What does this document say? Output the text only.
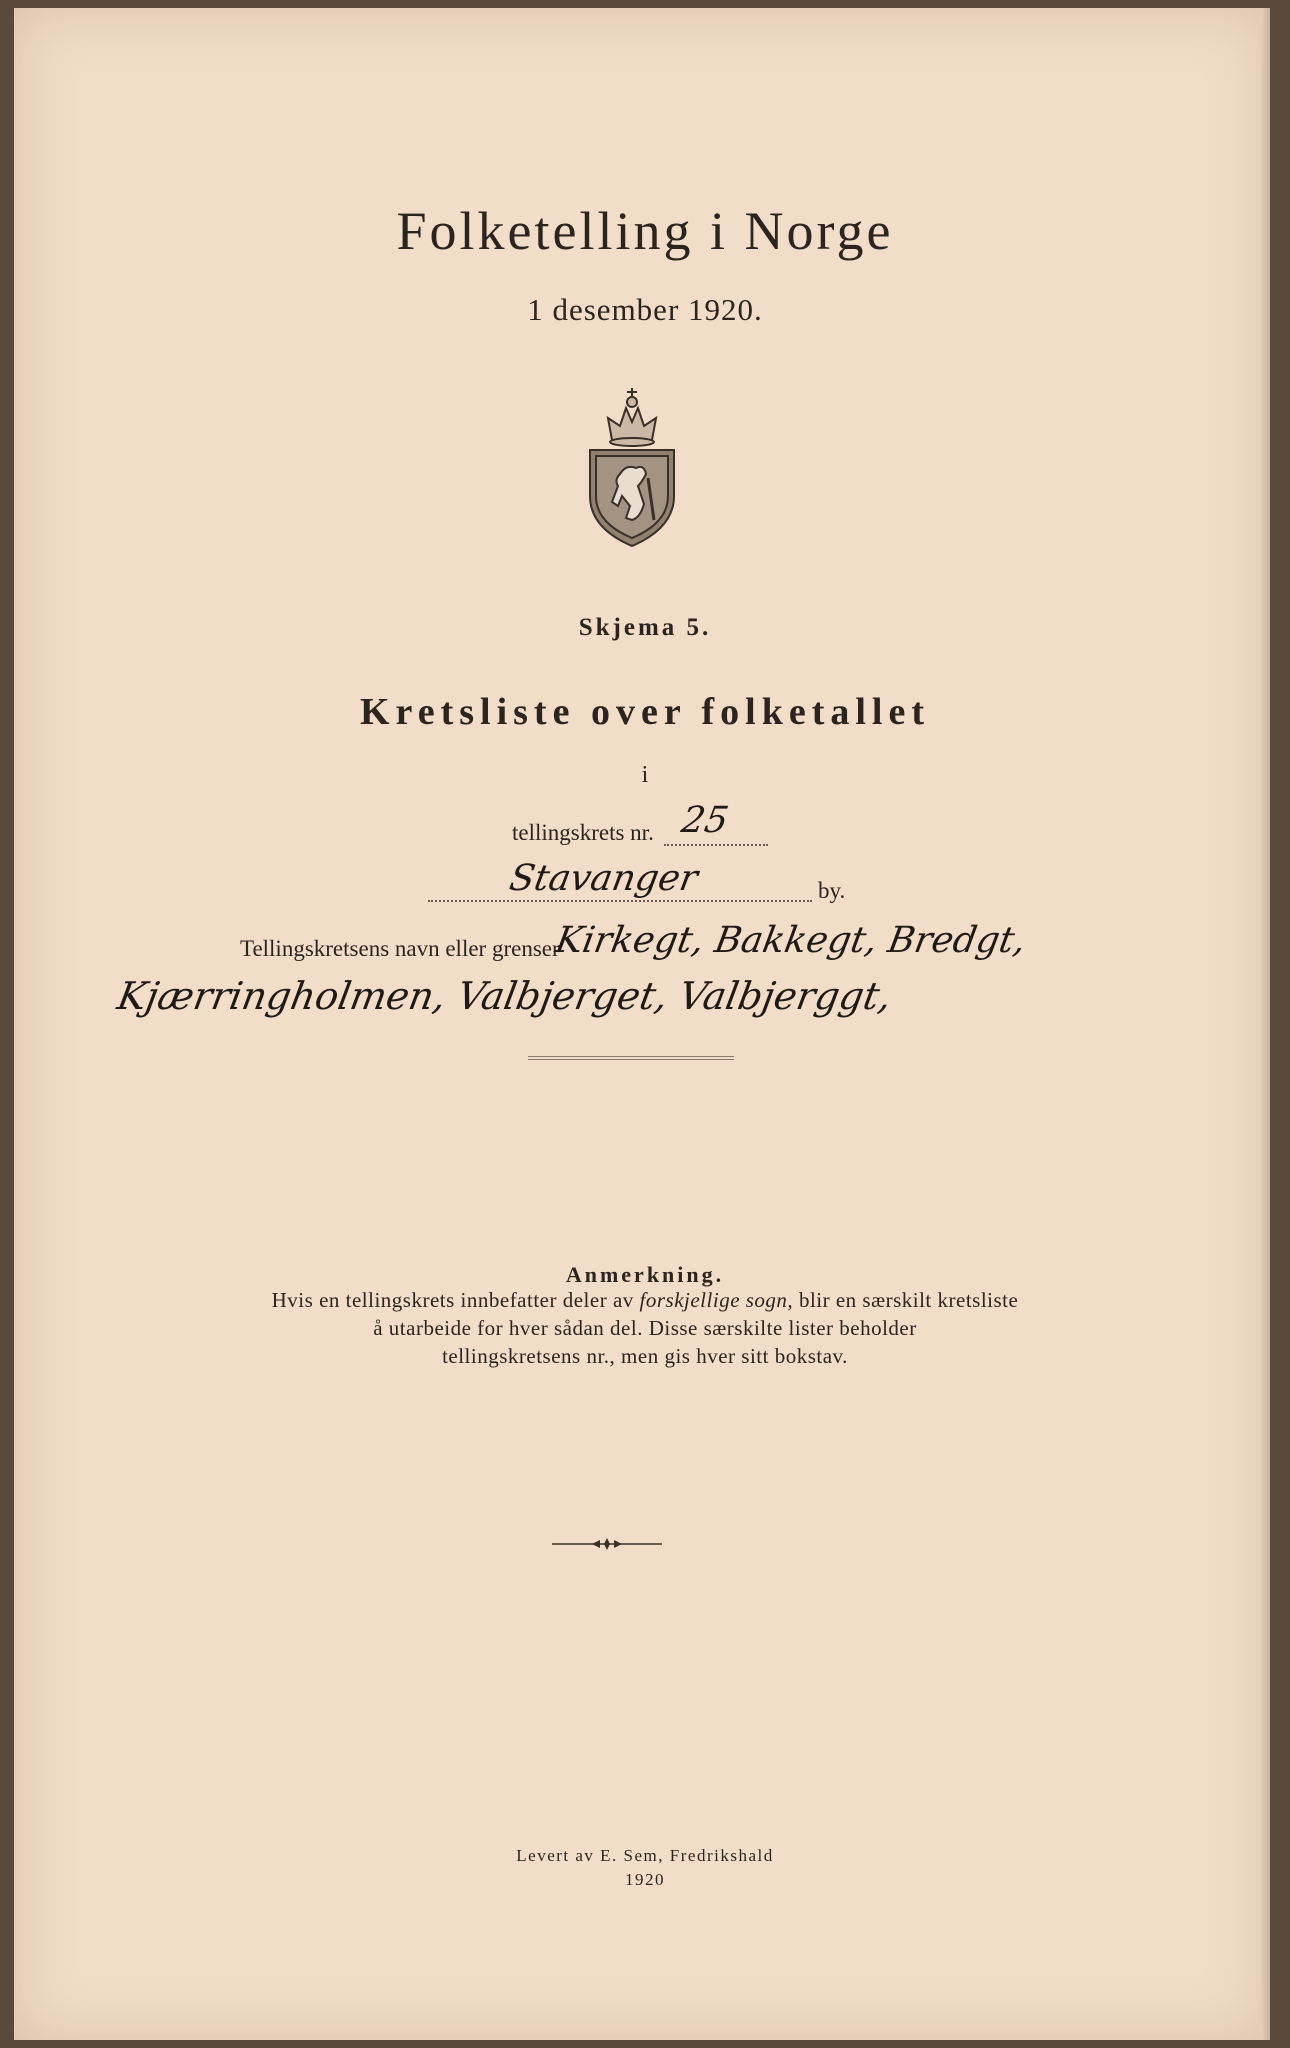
Folketelling i Norge
1 desember 1920.
Skjema 5.
Kretsliste over folketallet
i
tellingskrets nr. 25
Stavanger	by.
Tellingskretsens navn eller grenser
Kirkegt, Bakkegt, Bredgt,
Kjærringholmen, Valbjerget, Valbjerggt,
Anmerkning.
Hvis en tellingskrets innbefatter deler av forskjellige sogn, blir en særskilt kretsliste
å utarbeide for hver sådan del. Disse særskilte lister beholder
tellingskretsens nr., men gis hver sitt bokstav.
Levert av E. Sem, Fredrikshald
1920
